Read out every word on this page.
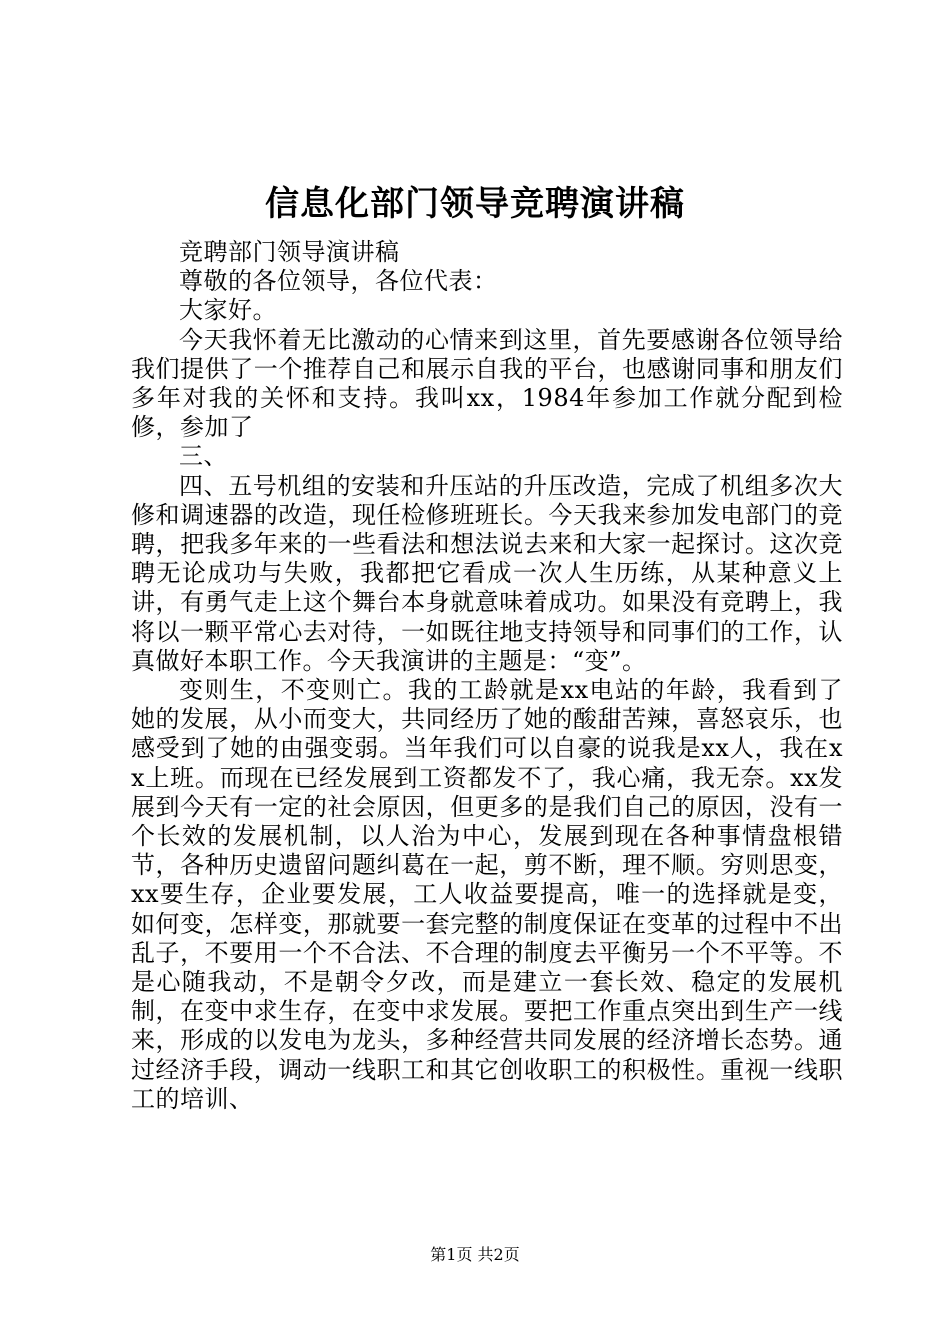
信息化部门领导竞聘演讲稿

竞聘部门领导演讲稿

尊敬的各位领导，各位代表：

大家好。

今天我怀着无比激动的心情来到这里，首先要感谢各位领导给我们提供了一个推荐自己和展示自我的平台，也感谢同事和朋友们多年对我的关怀和支持。我叫xx，1984年参加工作就分配到检修，参加了

三、

四、五号机组的安装和升压站的升压改造，完成了机组多次大修和调速器的改造，现任检修班班长。今天我来参加发电部门的竞聘，把我多年来的一些看法和想法说去来和大家一起探讨。这次竞聘无论成功与失败，我都把它看成一次人生历练，从某种意义上讲，有勇气走上这个舞台本身就意味着成功。如果没有竞聘上，我将以一颗平常心去对待，一如既往地支持领导和同事们的工作，认真做好本职工作。今天我演讲的主题是：“变”。

变则生，不变则亡。我的工龄就是xx电站的年龄，我看到了她的发展，从小而变大，共同经历了她的酸甜苦辣，喜怒哀乐，也感受到了她的由强变弱。当年我们可以自豪的说我是xx人，我在xx上班。而现在已经发展到工资都发不了，我心痛，我无奈。xx发展到今天有一定的社会原因，但更多的是我们自己的原因，没有一个长效的发展机制，以人治为中心，发展到现在各种事情盘根错节，各种历史遗留问题纠葛在一起，剪不断，理不顺。穷则思变，xx要生存，企业要发展，工人收益要提高，唯一的选择就是变，如何变，怎样变，那就要一套完整的制度保证在变革的过程中不出乱子，不要用一个不合法、不合理的制度去平衡另一个不平等。不是心随我动，不是朝令夕改，而是建立一套长效、稳定的发展机制，在变中求生存，在变中求发展。要把工作重点突出到生产一线来，形成的以发电为龙头，多种经营共同发展的经济增长态势。通过经济手段，调动一线职工和其它创收职工的积极性。重视一线职工的培训、

第1页 共2页
